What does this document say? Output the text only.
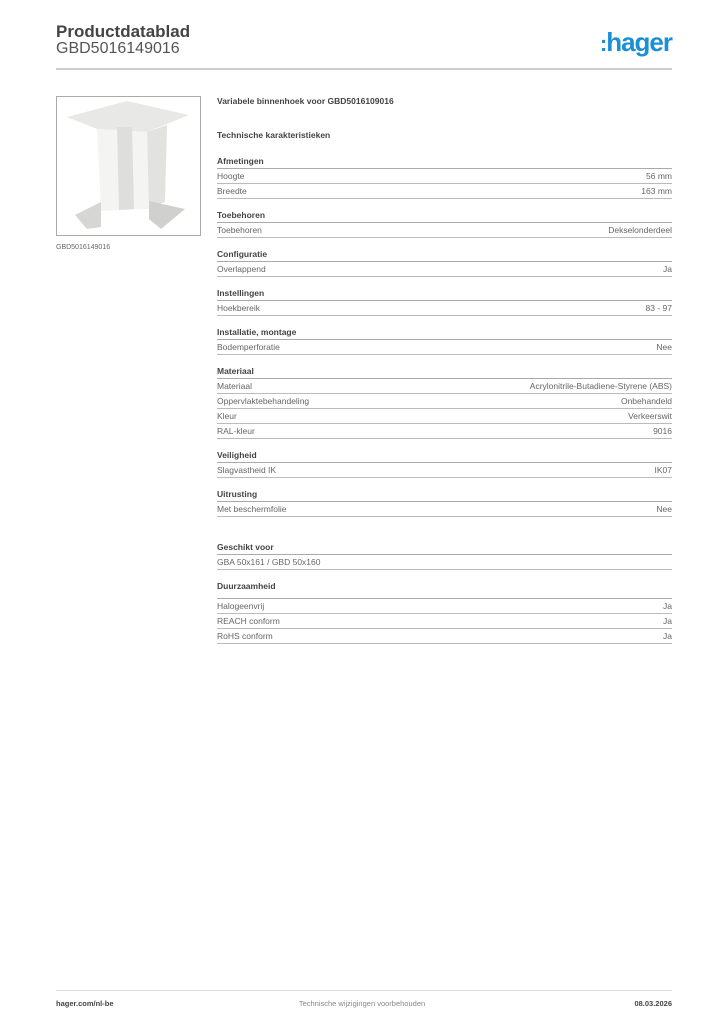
Productdatablad
GBD5016149016	:hager
GBD5016149016
Variabele binnenhoek voor GBD5016109016
Technische karakteristieken
Afmetingen
Hoogte	56 mm
Breedte	163 mm
Toebehoren
Toebehoren	Dekselonderdeel
Configuratie
Overlappend	Ja
Instellingen
Hoekbereik	83 - 97
Installatie, montage
Bodemperforatie	Nee
Materiaal
Materiaal	Acrylonitrile-Butadiene-Styrene (ABS)
Oppervlaktebehandeling	Onbehandeld
Kleur	Verkeerswit
RAL-kleur	9016
Veiligheid
Slagvastheid IK	IK07
Uitrusting
Met beschermfolie	Nee
Geschikt voor
GBA 50x161 / GBD 50x160
Duurzaamheid
Halogeenvrij	Ja
REACH conform	Ja
RoHS conform	Ja
hager.com/nl-be	Technische wijzigingen voorbehouden	08.03.2026
